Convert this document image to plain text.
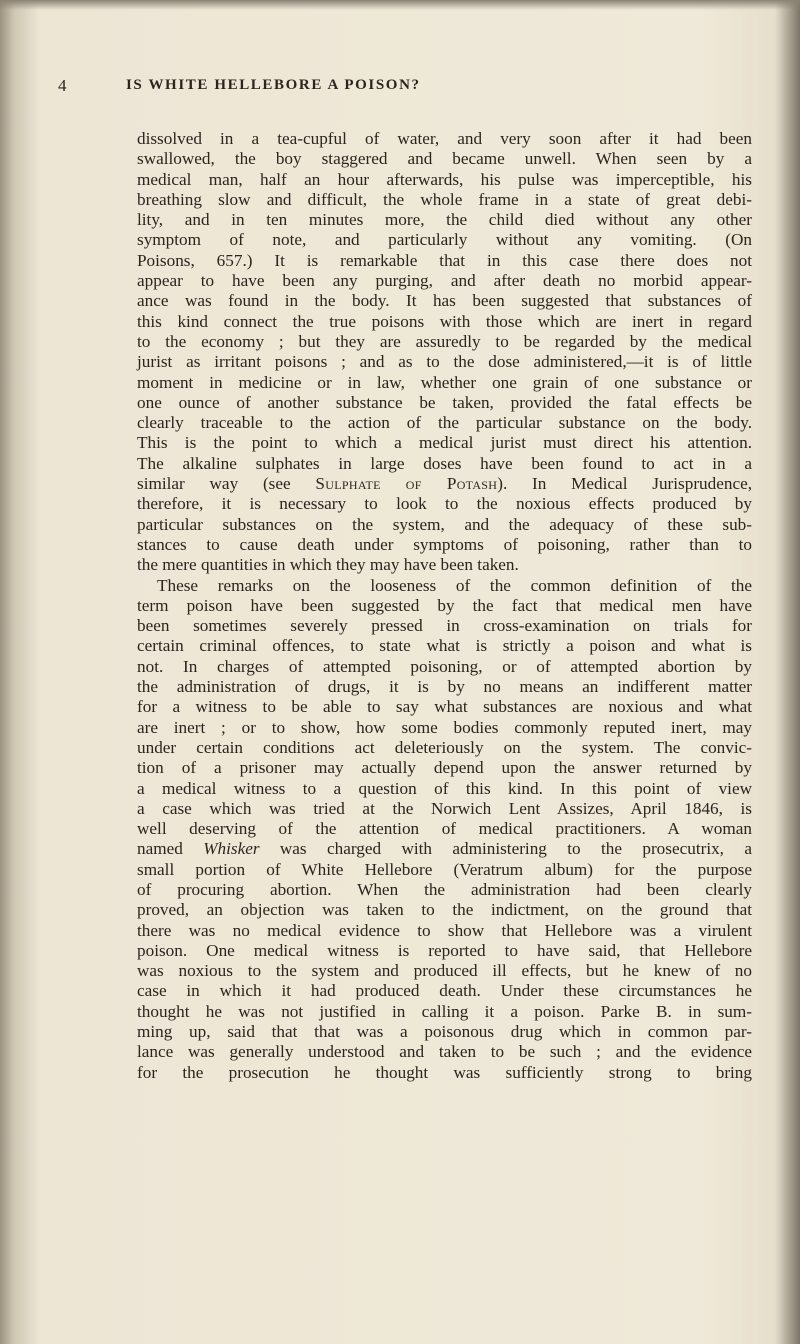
4	IS WHITE HELLEBORE A POISON?
dissolved in a tea-cupful of water, and very soon after it had been
swallowed, the boy staggered and became unwell. When seen by a
medical man, half an hour afterwards, his pulse was imperceptible, his
breathing slow and difficult, the whole frame in a state of great debi-
lity, and in ten minutes more, the child died without any other
symptom of note, and particularly without any vomiting. (On
Poisons, 657.) It is remarkable that in this case there does not
appear to have been any purging, and after death no morbid appear-
ance was found in the body. It has been suggested that substances of
this kind connect the true poisons with those which are inert in regard
to the economy ; but they are assuredly to be regarded by the medical
jurist as irritant poisons ; and as to the dose administered,—it is of little
moment in medicine or in law, whether one grain of one substance or
one ounce of another substance be taken, provided the fatal effects be
clearly traceable to the action of the particular substance on the body.
This is the point to which a medical jurist must direct his attention.
The alkaline sulphates in large doses have been found to act in a
similar way (see Sulphate of Potash). In Medical Jurisprudence,
therefore, it is necessary to look to the noxious effects produced by
particular substances on the system, and the adequacy of these sub-
stances to cause death under symptoms of poisoning, rather than to
the mere quantities in which they may have been taken.
These remarks on the looseness of the common definition of the
term poison have been suggested by the fact that medical men have
been sometimes severely pressed in cross-examination on trials for
certain criminal offences, to state what is strictly a poison and what is
not. In charges of attempted poisoning, or of attempted abortion by
the administration of drugs, it is by no means an indifferent matter
for a witness to be able to say what substances are noxious and what
are inert ; or to show, how some bodies commonly reputed inert, may
under certain conditions act deleteriously on the system. The convic-
tion of a prisoner may actually depend upon the answer returned by
a medical witness to a question of this kind. In this point of view
a case which was tried at the Norwich Lent Assizes, April 1846, is
well deserving of the attention of medical practitioners. A woman
named Whisker was charged with administering to the prosecutrix, a
small portion of White Hellebore (Veratrum album) for the purpose
of procuring abortion. When the administration had been clearly
proved, an objection was taken to the indictment, on the ground that
there was no medical evidence to show that Hellebore was a virulent
poison. One medical witness is reported to have said, that Hellebore
was noxious to the system and produced ill effects, but he knew of no
case in which it had produced death. Under these circumstances he
thought he was not justified in calling it a poison. Parke B. in sum-
ming up, said that that was a poisonous drug which in common par-
lance was generally understood and taken to be such ; and the evidence
for the prosecution he thought was sufficiently strong to bring
